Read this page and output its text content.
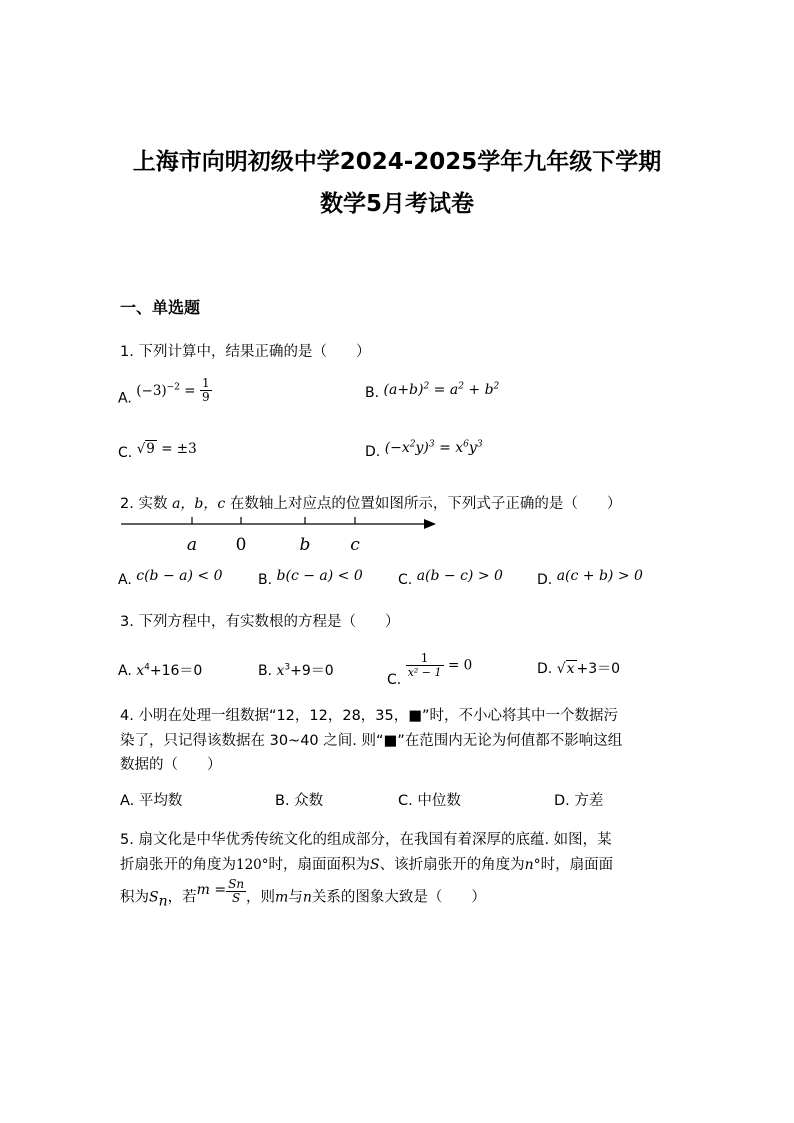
上海市向明初级中学2024-2025学年九年级下学期
数学5月考试卷
一、单选题
1. 下列计算中，结果正确的是（　　）
A. $(-3)^{-2} = \frac{1}{9}$	B. $(a+b)^2 = a^2 + b^2$
C. √9 = ±3	D. $(-x^2y)^3 = x^6y^3$
2. 实数 a，b，c 在数轴上对应点的位置如图所示，下列式子正确的是（　　）
a 0	b c
A. c(b − a) < 0	B. b(c − a) < 0	C. a(b − c) > 0 D. a(c + b) > 0
3. 下列方程中，有实数根的方程是（　　）
A. $x^4+16=0$	B. $x^3+9=0$
C.
$\frac{1}{\text{x² − 1}} = 0$	D. √x +3＝0
4. 小明在处理一组数据“12，12，28，35，■”时，不小心将其中一个数据污
染了，只记得该数据在 30~40 之间. 则“■”在范围内无论为何值都不影响这组
数据的（　　）
A. 平均数	B. 众数	C. 中位数	D. 方差
5. 扇文化是中华优秀传统文化的组成部分，在我国有着深厚的底蕴. 如图，某
折扇张开的角度为120°时，扇面面积为S、该折扇张开的角度为n°时，扇面面
积为$S_n$，若$m = \frac{Sn}{S}$ ，则m与n关系的图象大致是（　　）
